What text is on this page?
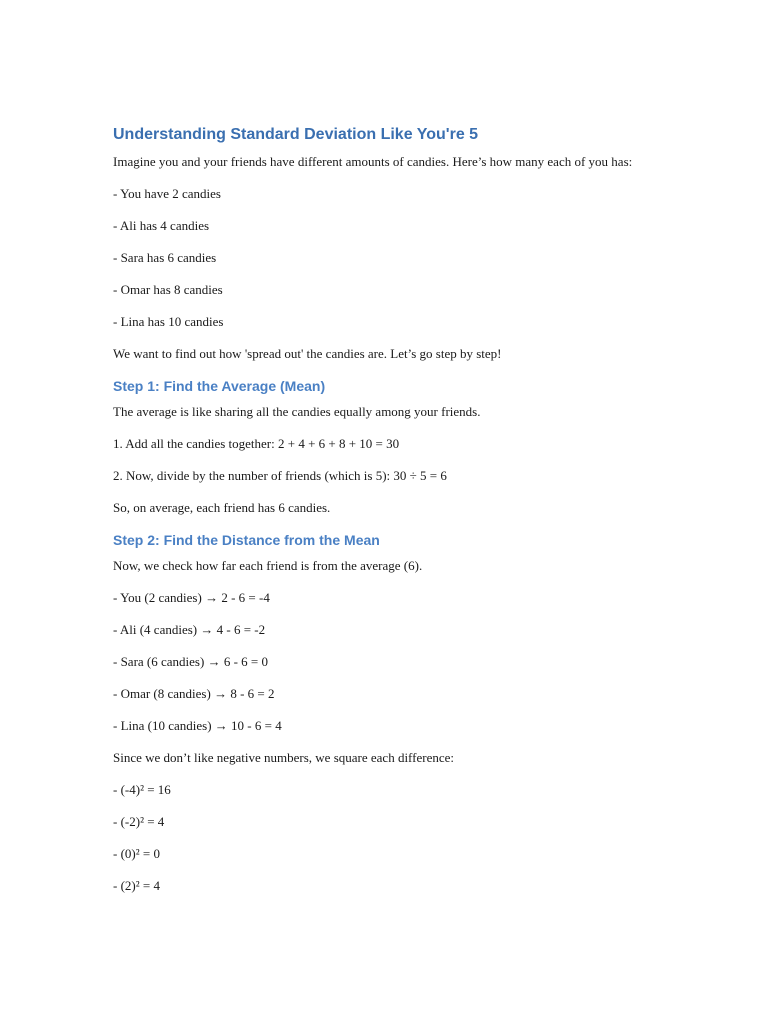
Understanding Standard Deviation Like You're 5
Imagine you and your friends have different amounts of candies. Here’s how many each of you has:
- You have 2 candies
- Ali has 4 candies
- Sara has 6 candies
- Omar has 8 candies
- Lina has 10 candies
We want to find out how 'spread out' the candies are. Let’s go step by step!
Step 1: Find the Average (Mean)
The average is like sharing all the candies equally among your friends.
1. Add all the candies together: 2 + 4 + 6 + 8 + 10 = 30
2. Now, divide by the number of friends (which is 5): 30 ÷ 5 = 6
So, on average, each friend has 6 candies.
Step 2: Find the Distance from the Mean
Now, we check how far each friend is from the average (6).
- You (2 candies) → 2 - 6 = -4
- Ali (4 candies) → 4 - 6 = -2
- Sara (6 candies) → 6 - 6 = 0
- Omar (8 candies) → 8 - 6 = 2
- Lina (10 candies) → 10 - 6 = 4
Since we don’t like negative numbers, we square each difference:
- (-4)² = 16
- (-2)² = 4
- (0)² = 0
- (2)² = 4
